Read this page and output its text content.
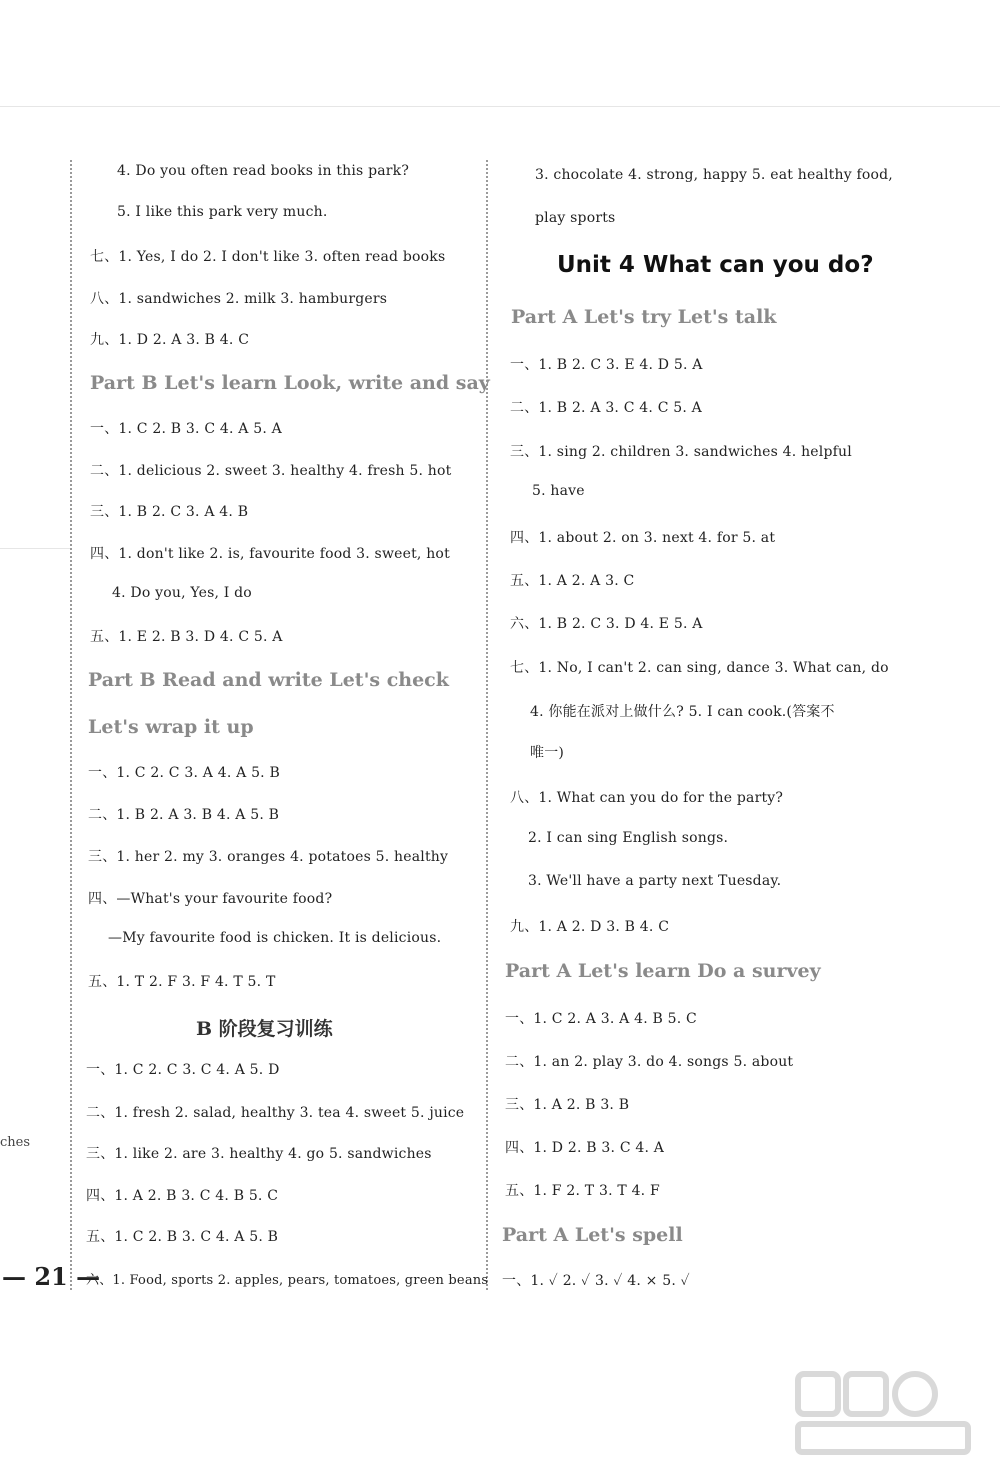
ches
4. Do you often read books in this park?
5. I like this park very much.
七、1. Yes, I do 2. I don't like 3. often read books
八、1. sandwiches 2. milk 3. hamburgers
九、1. D 2. A 3. B 4. C
Part B Let's learn Look, write and say
一、1. C 2. B 3. C 4. A 5. A
二、1. delicious 2. sweet 3. healthy 4. fresh 5. hot
三、1. B 2. C 3. A 4. B
四、1. don't like 2. is, favourite food 3. sweet, hot
4. Do you, Yes, I do
五、1. E 2. B 3. D 4. C 5. A
Part B Read and write Let's check
Let's wrap it up
一、1. C 2. C 3. A 4. A 5. B
二、1. B 2. A 3. B 4. A 5. B
三、1. her 2. my 3. oranges 4. potatoes 5. healthy
四、—What's your favourite food?
—My favourite food is chicken. It is delicious.
五、1. T 2. F 3. F 4. T 5. T
B 阶段复习训练
一、1. C 2. C 3. C 4. A 5. D
二、1. fresh 2. salad, healthy 3. tea 4. sweet 5. juice
三、1. like 2. are 3. healthy 4. go 5. sandwiches
四、1. A 2. B 3. C 4. B 5. C
五、1. C 2. B 3. C 4. A 5. B
六、1. Food, sports 2. apples, pears, tomatoes, green beans
3. chocolate 4. strong, happy 5. eat healthy food,
play sports
Unit 4 What can you do?
Part A Let's try Let's talk
一、1. B 2. C 3. E 4. D 5. A
二、1. B 2. A 3. C 4. C 5. A
三、1. sing 2. children 3. sandwiches 4. helpful
5. have
四、1. about 2. on 3. next 4. for 5. at
五、1. A 2. A 3. C
六、1. B 2. C 3. D 4. E 5. A
七、1. No, I can't 2. can sing, dance 3. What can, do
4. 你能在派对上做什么? 5. I can cook.(答案不
唯一)
八、1. What can you do for the party?
2. I can sing English songs.
3. We'll have a party next Tuesday.
九、1. A 2. D 3. B 4. C
Part A Let's learn Do a survey
一、1. C 2. A 3. A 4. B 5. C
二、1. an 2. play 3. do 4. songs 5. about
三、1. A 2. B 3. B
四、1. D 2. B 3. C 4. A
五、1. F 2. T 3. T 4. F
Part A Let's spell
一、1. ✓ 2. ✓ 3. ✓ 4. × 5. ✓
— 21 —
